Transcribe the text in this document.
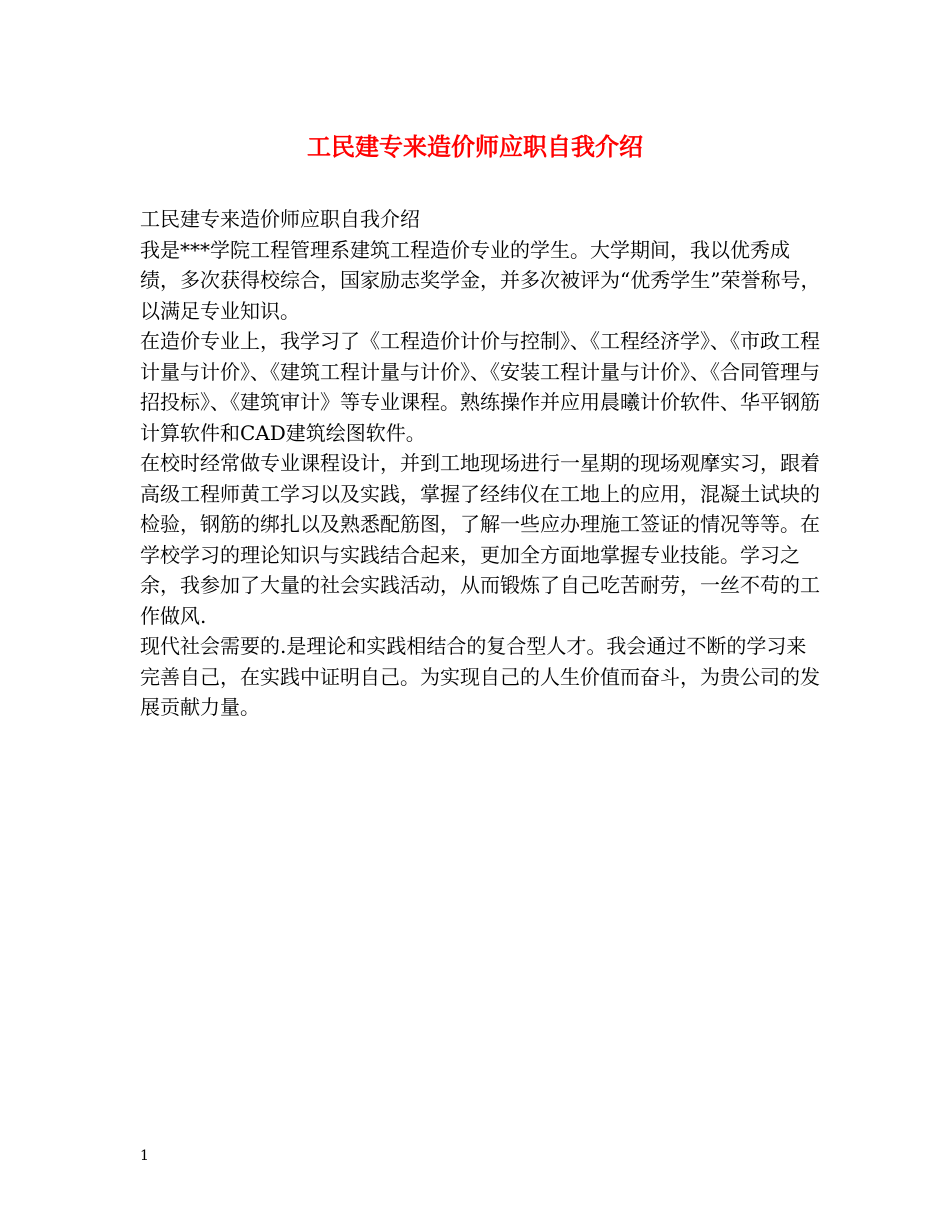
工民建专来造价师应职自我介绍

工民建专来造价师应职自我介绍

我是***学院工程管理系建筑工程造价专业的学生。大学期间，我以优秀成绩，多次获得校综合，国家励志奖学金，并多次被评为“优秀学生”荣誉称号，以满足专业知识。

在造价专业上，我学习了《工程造价计价与控制》、《工程经济学》、《市政工程计量与计价》、《建筑工程计量与计价》、《安装工程计量与计价》、《合同管理与招投标》、《建筑审计》等专业课程。熟练操作并应用晨曦计价软件、华平钢筋计算软件和CAD建筑绘图软件。

在校时经常做专业课程设计，并到工地现场进行一星期的现场观摩实习，跟着高级工程师黄工学习以及实践，掌握了经纬仪在工地上的应用，混凝土试块的检验，钢筋的绑扎以及熟悉配筋图，了解一些应办理施工签证的情况等等。在学校学习的理论知识与实践结合起来，更加全方面地掌握专业技能。学习之余，我参加了大量的社会实践活动，从而锻炼了自己吃苦耐劳，一丝不苟的工作做风.

现代社会需要的.是理论和实践相结合的复合型人才。我会通过不断的学习来完善自己，在实践中证明自己。为实现自己的人生价值而奋斗，为贵公司的发展贡献力量。

1
